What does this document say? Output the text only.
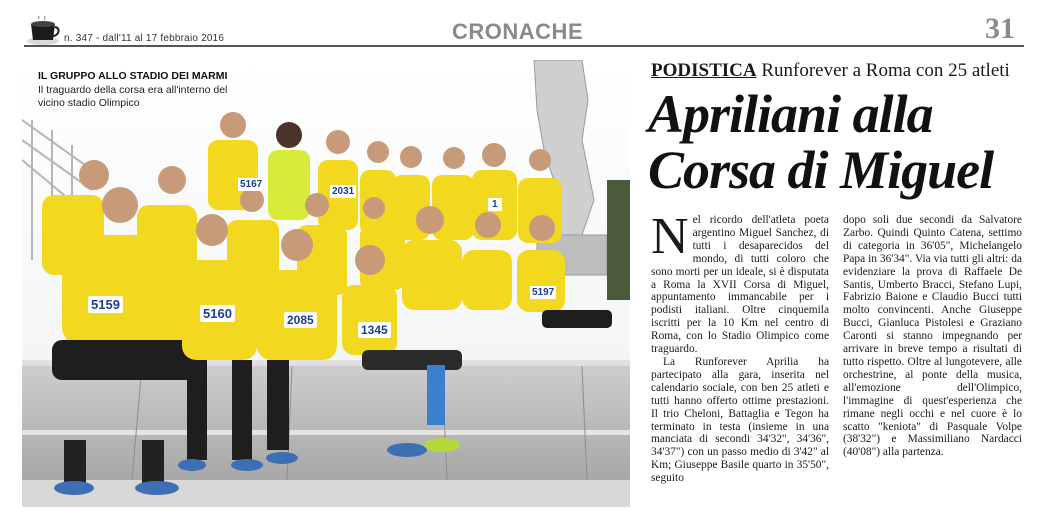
n. 347 - dall'11 al 17 febbraio 2016	CRONACHE	31
IL GRUPPO ALLO STADIO DEI MARMI
Il traguardo della corsa era all'interno del vicino stadio Olimpico
5159
5160	2085
1345
5167
2031
1
5197
PODISTICA Runforever a Roma con 25 atleti
Apriliani alla
Corsa di Miguel

Nel ricordo dell'atleta poeta argentino Miguel Sanchez, di tutti i desaparecidos del mondo, di tutti coloro che sono morti per un ideale, si è disputata a Roma la XVII Corsa di Miguel, appuntamento immancabile per i podisti italiani. Oltre cinquemila iscritti per la 10 Km nel centro di Roma, con lo Stadio Olimpico come traguardo.

La Runforever Aprilia ha partecipato alla gara, inserita nel calendario sociale, con ben 25 atleti e tutti hanno offerto ottime prestazioni. Il trio Cheloni, Battaglia e Tegon ha terminato in testa (insieme in una manciata di secondi 34'32", 34'36", 34'37") con un passo medio di 3'42" al Km; Giuseppe Basile quarto in 35'50", seguito

dopo soli due secondi da Salvatore Zarbo. Quindi Quinto Catena, settimo di categoria in 36'05", Michelangelo Papa in 36'34". Via via tutti gli altri: da evidenziare la prova di Raffaele De Santis, Umberto Bracci, Stefano Lupi, Fabrizio Baione e Claudio Bucci tutti molto convincenti. Anche Giuseppe Bucci, Gianluca Pistolesi e Graziano Caronti si stanno impegnando per arrivare in breve tempo a risultati di tutto rispetto. Oltre al lungotevere, alle orchestrine, al ponte della musica, all'emozione dell'Olimpico, l'immagine di quest'esperienza che rimane negli occhi e nel cuore è lo scatto "keniota" di Pasquale Volpe (38'32") e Massimiliano Nardacci (40'08") alla partenza.
